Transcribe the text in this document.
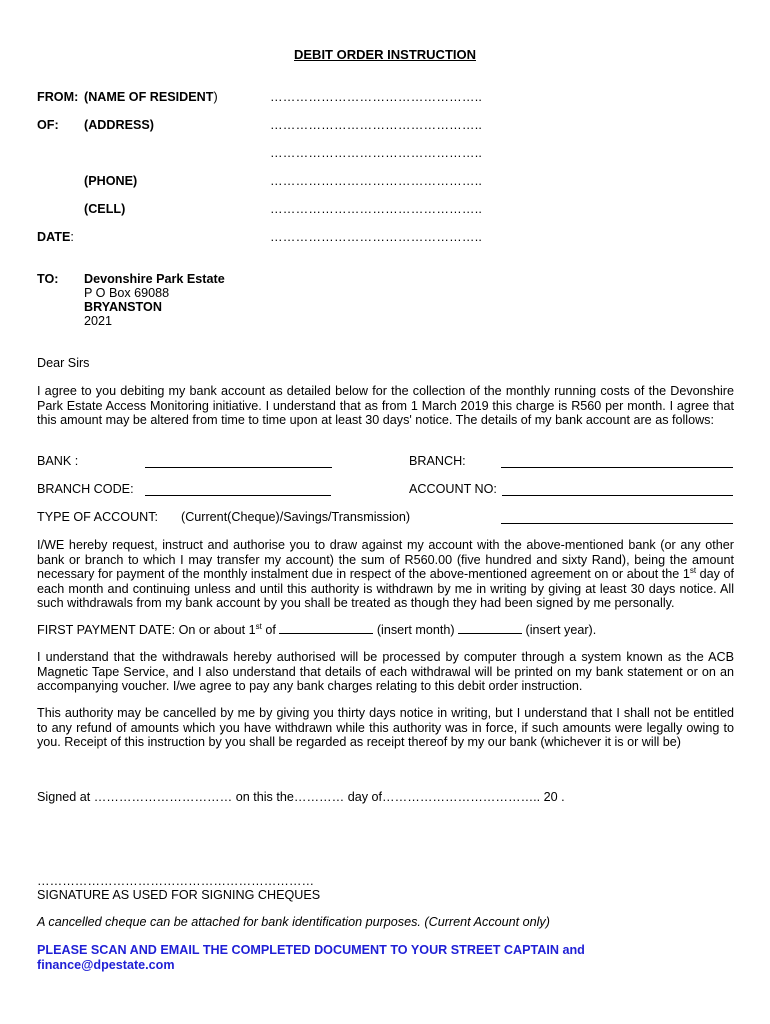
DEBIT ORDER INSTRUCTION
FROM: (NAME OF RESIDENT)	…………………………………………..
OF: (ADDRESS)	…………………………………………..
…………………………………………..
(PHONE)	…………………………………………..
(CELL)	…………………………………………..
DATE:	…………………………………………..
TO: Devonshire Park Estate
P O Box 69088
BRYANSTON
2021
Dear Sirs
I agree to you debiting my bank account as detailed below for the collection of the monthly running costs of the Devonshire Park Estate Access Monitoring initiative. I understand that as from 1 March 2019 this charge is R560 per month. I agree that this amount may be altered from time to time upon at least 30 days' notice. The details of my bank account are as follows:
BANK :	BRANCH:
BRANCH CODE:	ACCOUNT NO:
TYPE OF ACCOUNT: (Current(Cheque)/Savings/Transmission)
I/WE hereby request, instruct and authorise you to draw against my account with the above-mentioned bank (or any other bank or branch to which I may transfer my account) the sum of R560.00 (five hundred and sixty Rand), being the amount necessary for payment of the monthly instalment due in respect of the above-mentioned agreement on or about the 1st day of each month and continuing unless and until this authority is withdrawn by me in writing by giving at least 30 days notice. All such withdrawals from my bank account by you shall be treated as though they had been signed by me personally.
FIRST PAYMENT DATE: On or about 1st of	(insert month)	(insert year).
I understand that the withdrawals hereby authorised will be processed by computer through a system known as the ACB Magnetic Tape Service, and I also understand that details of each withdrawal will be printed on my bank statement or on an accompanying voucher. I/we agree to pay any bank charges relating to this debit order instruction.
This authority may be cancelled by me by giving you thirty days notice in writing, but I understand that I shall not be entitled to any refund of amounts which you have withdrawn while this authority was in force, if such amounts were legally owing to you. Receipt of this instruction by you shall be regarded as receipt thereof by my our bank (whichever it is or will be)
Signed at …………………………… on this the………… day of……………………………….. 20 .
…………………………………………………………
SIGNATURE AS USED FOR SIGNING CHEQUES
A cancelled cheque can be attached for bank identification purposes. (Current Account only)
PLEASE SCAN AND EMAIL THE COMPLETED DOCUMENT TO YOUR STREET CAPTAIN and
finance@dpestate.com
